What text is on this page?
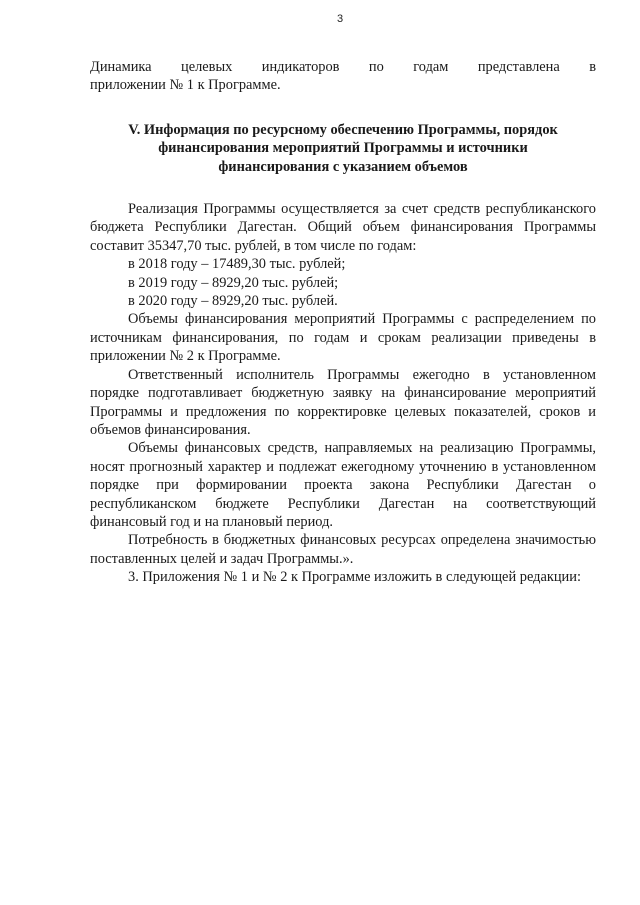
3

Динамика целевых индикаторов по годам представлена в

приложении № 1 к Программе.

V. Информация по ресурсному обеспечению Программы, порядок
финансирования мероприятий Программы и источники
финансирования с указанием объемов

Реализация Программы осуществляется за счет средств республиканского бюджета Республики Дагестан. Общий объем финансирования Программы составит 35347,70 тыс. рублей, в том числе по годам:

в 2018 году – 17489,30 тыс. рублей;

в 2019 году – 8929,20 тыс. рублей;

в 2020 году – 8929,20 тыс. рублей.

Объемы финансирования мероприятий Программы с распределением по источникам финансирования, по годам и срокам реализации приведены в приложении № 2 к Программе.

Ответственный исполнитель Программы ежегодно в установленном порядке подготавливает бюджетную заявку на финансирование мероприятий Программы и предложения по корректировке целевых показателей, сроков и объемов финансирования.

Объемы финансовых средств, направляемых на реализацию Программы, носят прогнозный характер и подлежат ежегодному уточнению в установленном порядке при формировании проекта закона Республики Дагестан о республиканском бюджете Республики Дагестан на соответствующий финансовый год и на плановый период.

Потребность в бюджетных финансовых ресурсах определена значимостью поставленных целей и задач Программы.».

3. Приложения № 1 и № 2 к Программе изложить в следующей редакции:
